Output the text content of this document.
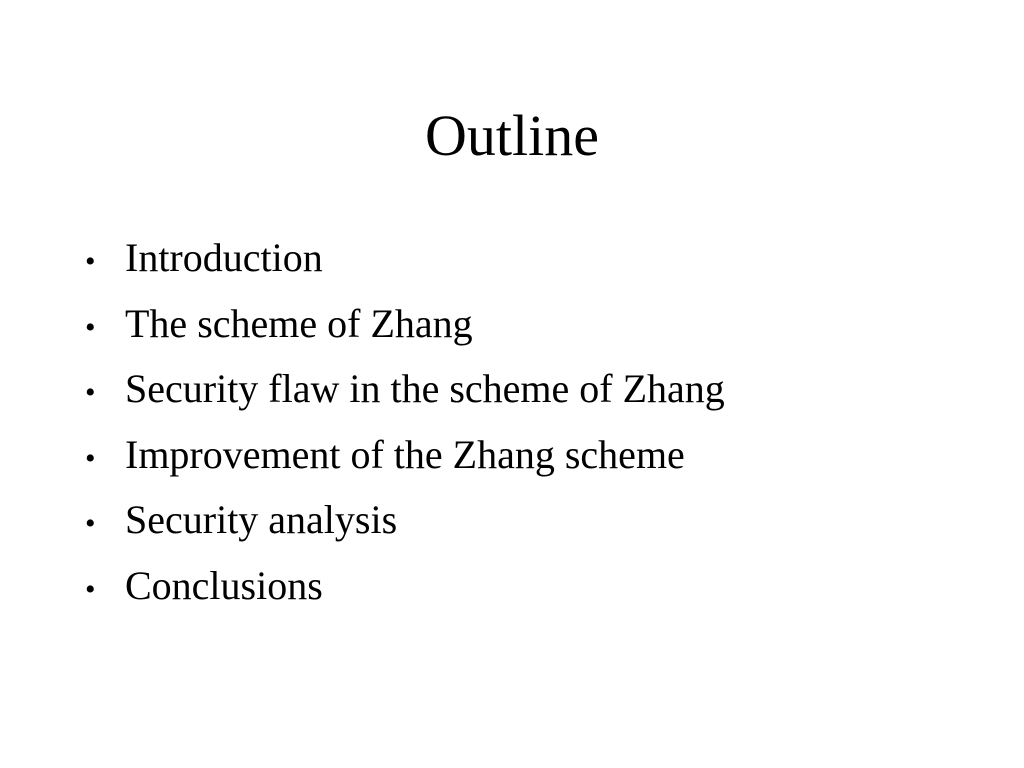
Outline
• Introduction
• The scheme of Zhang
• Security flaw in the scheme of Zhang
• Improvement of the Zhang scheme
• Security analysis
• Conclusions
